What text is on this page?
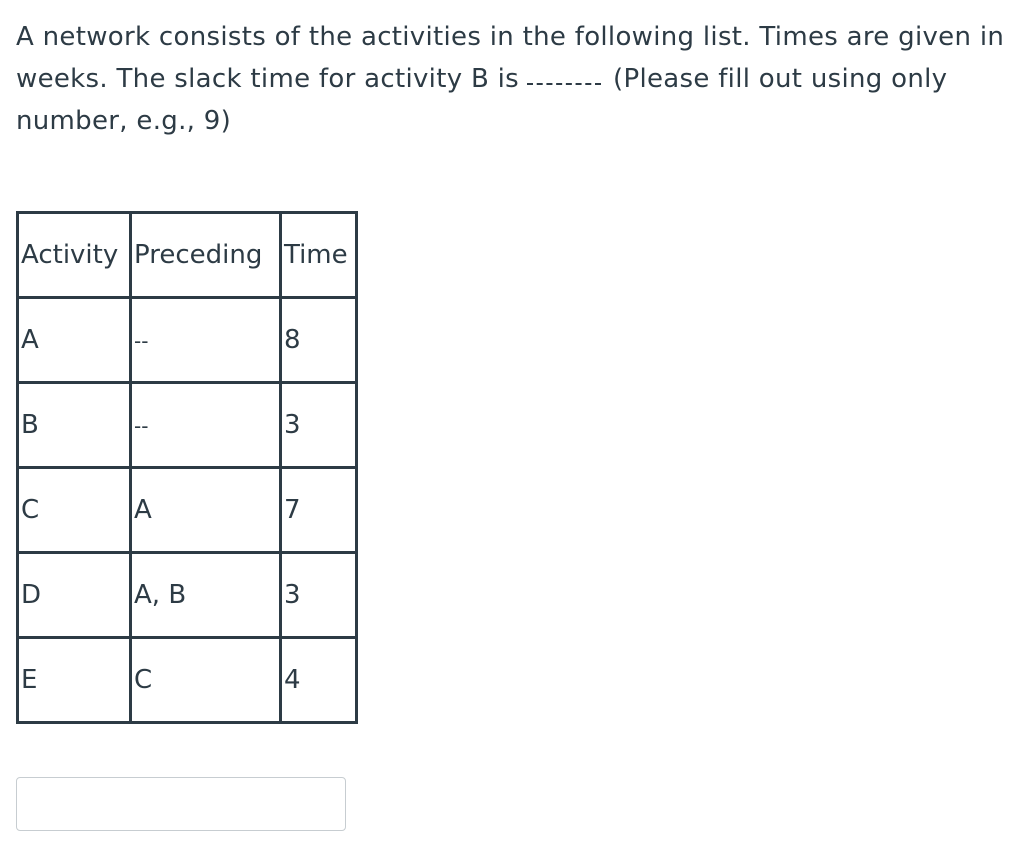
A network consists of the activities in the following list. Times are given in weeks. The slack time for activity B is	(Please fill out using only number, e.g., 9)
Activity	Preceding	Time
A	--	8
B	--	3
C	A	7
D	A, B	3
E	C	4
